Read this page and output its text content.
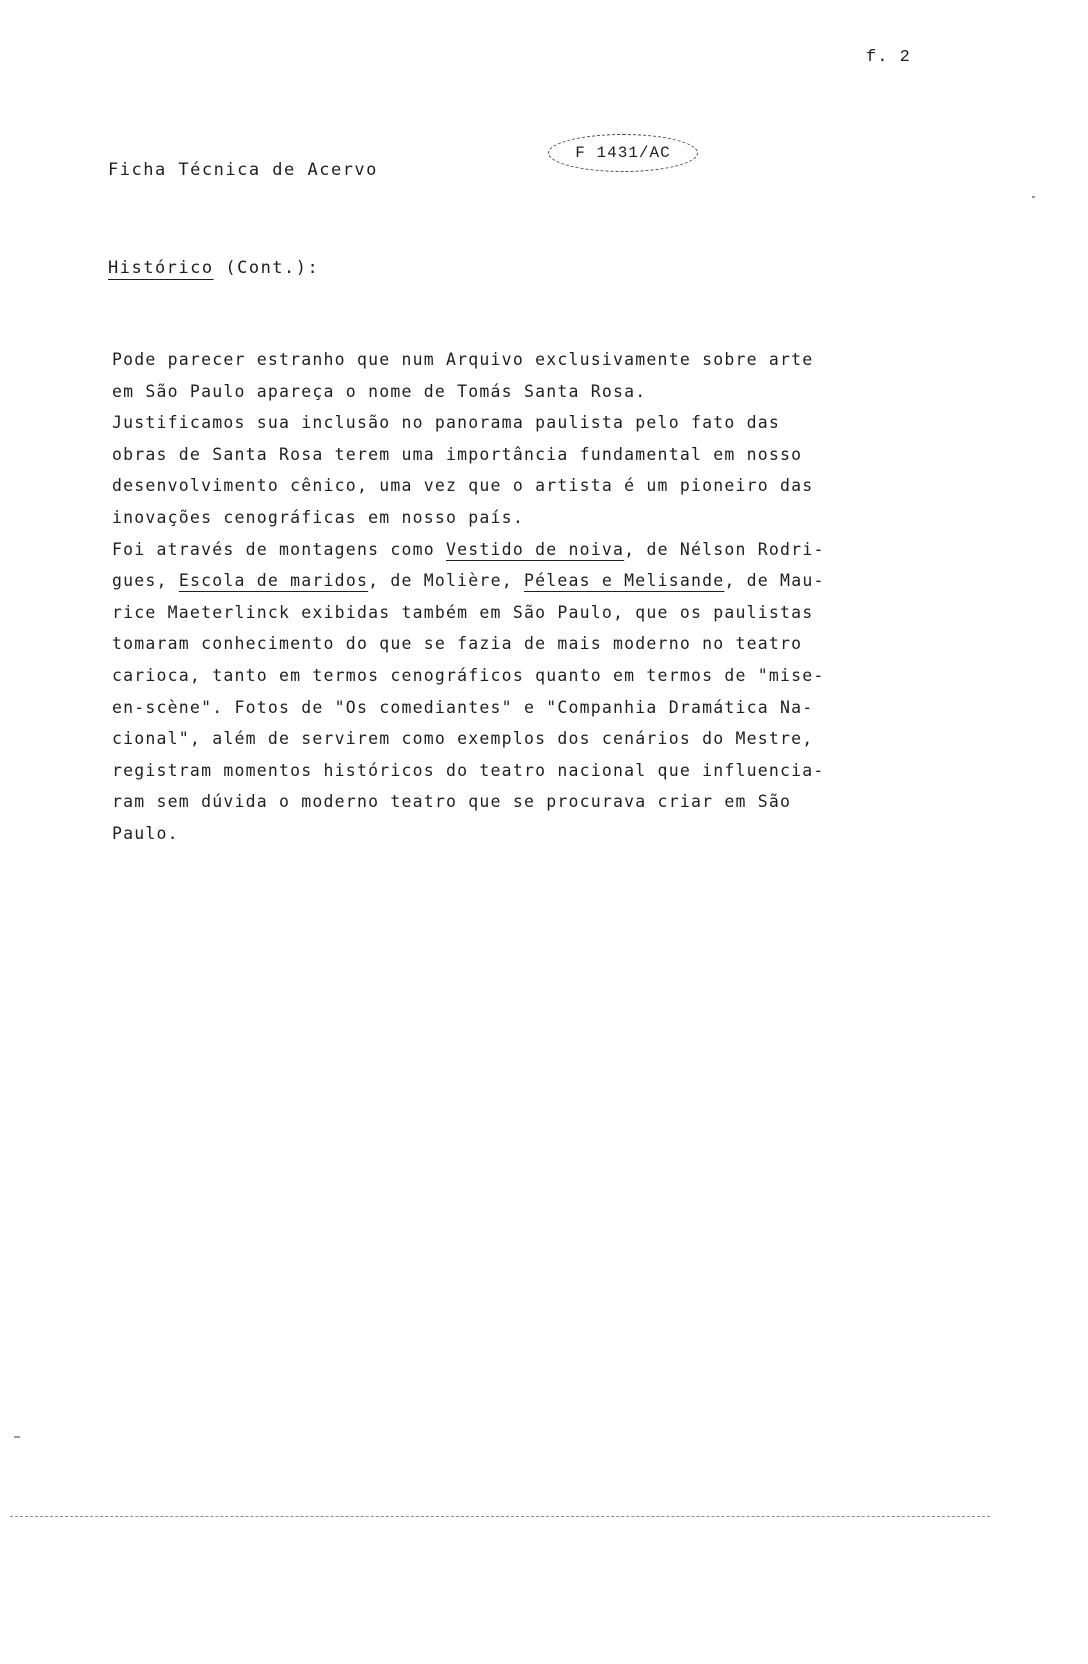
f. 2
Ficha Técnica de Acervo
F 1431/AC
Histórico (Cont.):
Pode parecer estranho que num Arquivo exclusivamente sobre arte
em São Paulo apareça o nome de Tomás Santa Rosa.
Justificamos sua inclusão no panorama paulista pelo fato das
obras de Santa Rosa terem uma importância fundamental em nosso
desenvolvimento cênico, uma vez que o artista é um pioneiro das
inovações cenográficas em nosso país.
Foi através de montagens como Vestido de noiva, de Nélson Rodri-
gues, Escola de maridos, de Molière, Péleas e Melisande, de Mau-
rice Maeterlinck exibidas também em São Paulo, que os paulistas
tomaram conhecimento do que se fazia de mais moderno no teatro
carioca, tanto em termos cenográficos quanto em termos de "mise-
en-scène". Fotos de "Os comediantes" e "Companhia Dramática Na-
cional", além de servirem como exemplos dos cenários do Mestre,
registram momentos históricos do teatro nacional que influencia-
ram sem dúvida o moderno teatro que se procurava criar em São
Paulo.
